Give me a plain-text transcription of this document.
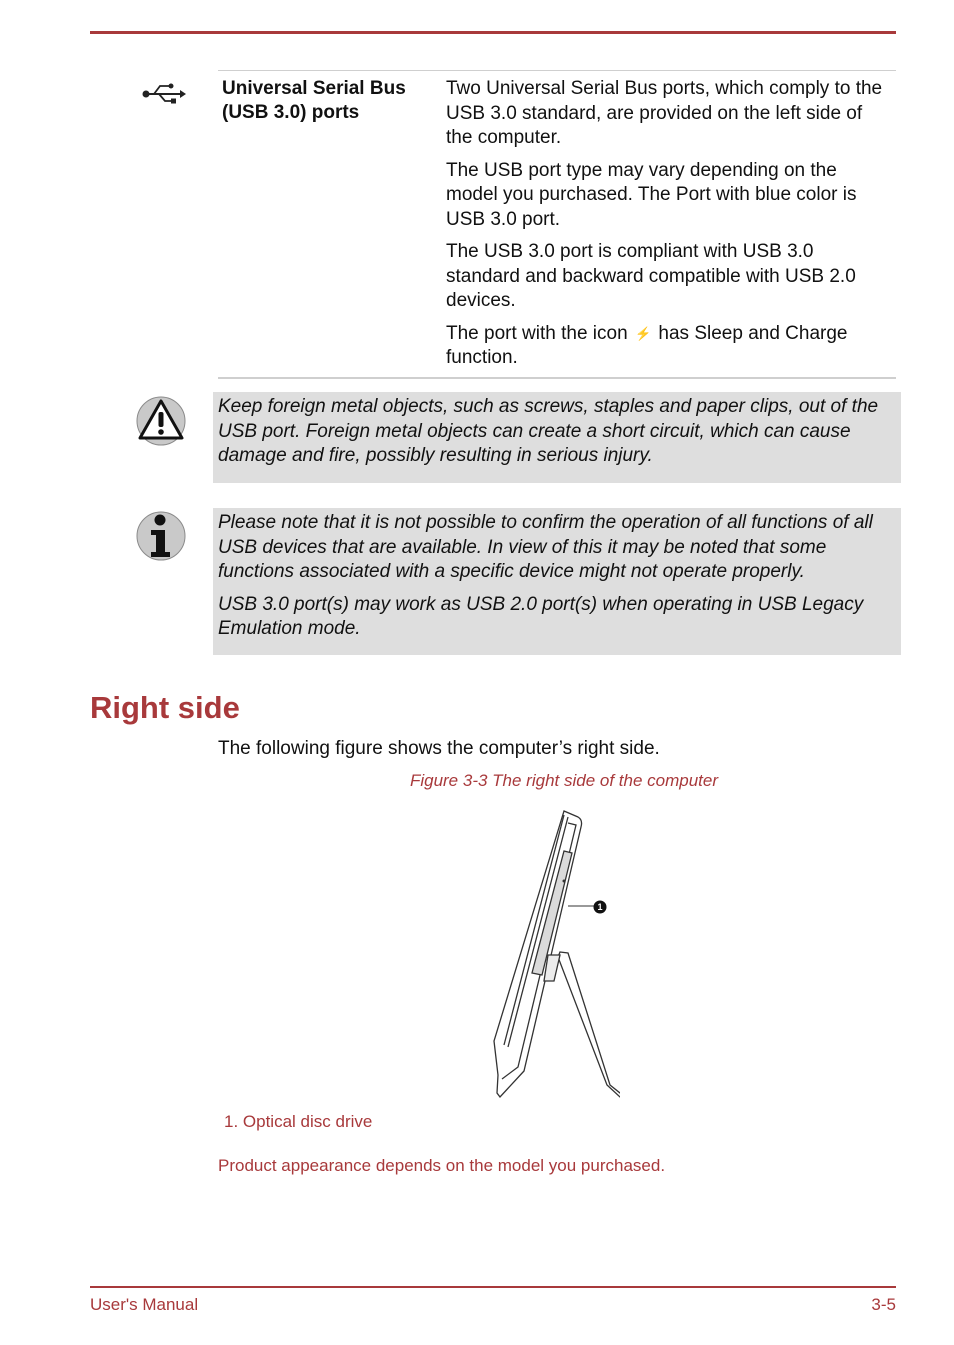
Universal Serial Bus (USB 3.0) ports

Two Universal Serial Bus ports, which comply to the USB 3.0 standard, are provided on the left side of the computer.

The USB port type may vary depending on the model you purchased. The Port with blue color is USB 3.0 port.

The USB 3.0 port is compliant with USB 3.0 standard and backward compatible with USB 2.0 devices.

The port with the icon ⚡ has Sleep and Charge function.

Keep foreign metal objects, such as screws, staples and paper clips, out of the USB port. Foreign metal objects can create a short circuit, which can cause damage and fire, possibly resulting in serious injury.

Please note that it is not possible to confirm the operation of all functions of all USB devices that are available. In view of this it may be noted that some functions associated with a specific device might not operate properly.

USB 3.0 port(s) may work as USB 2.0 port(s) when operating in USB Legacy Emulation mode.

Right side
The following figure shows the computer’s right side.
Figure 3-3 The right side of the computer
1
1. Optical disc drive
Product appearance depends on the model you purchased.
User's Manual	3-5
